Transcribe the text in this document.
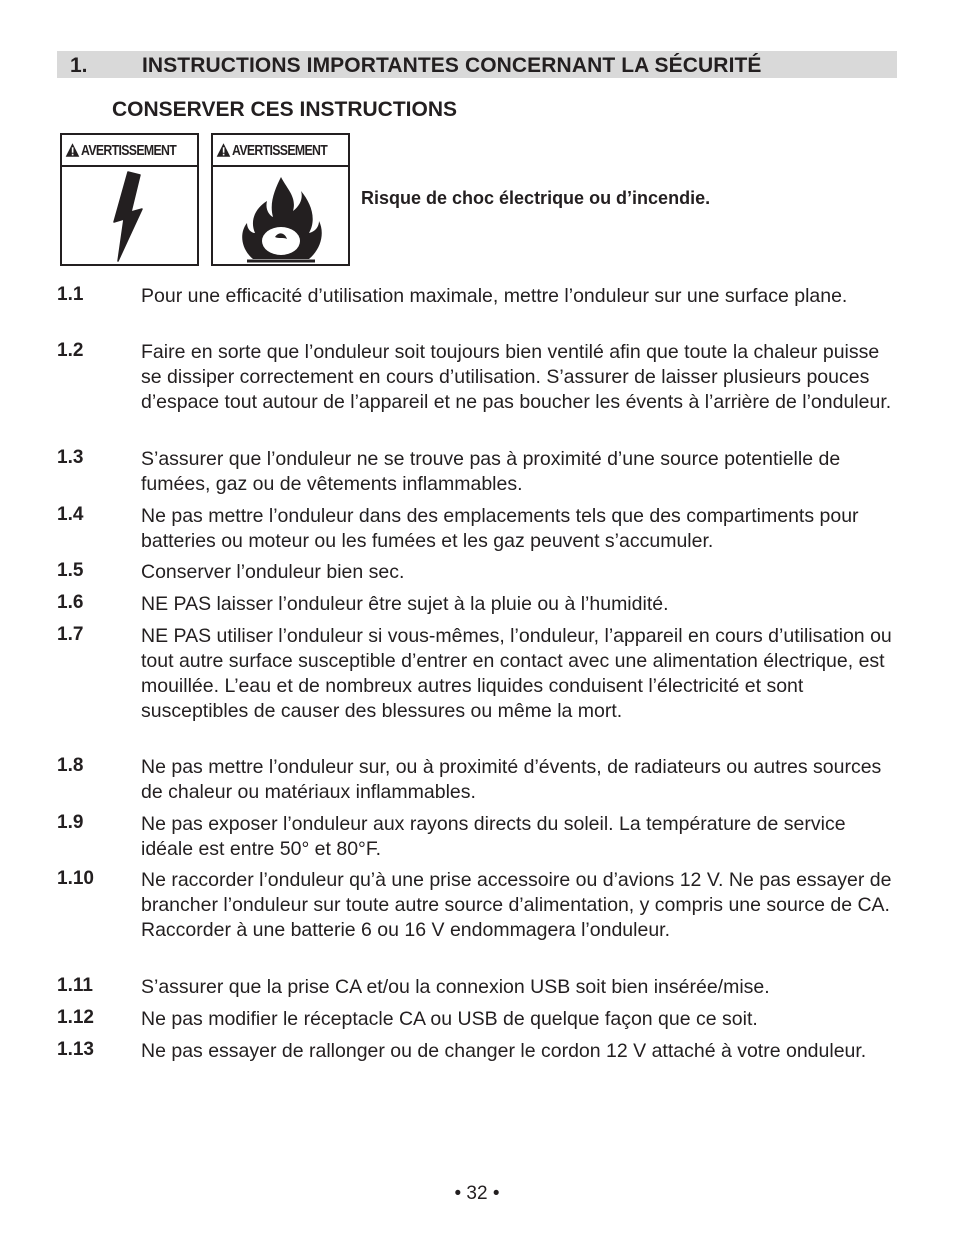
1.	INSTRUCTIONS IMPORTANTES CONCERNANT LA SÉCURITÉ
CONSERVER CES INSTRUCTIONS
AVERTISSEMENT	AVERTISSEMENT
Risque de choc électrique ou d’incendie.
1.1	Pour une efficacité d’utilisation maximale, mettre l’onduleur sur une surface plane.
1.2	Faire en sorte que l’onduleur soit toujours bien ventilé afin que toute la chaleur puisse se dissiper correctement en cours d’utilisation. S’assurer de laisser plusieurs pouces d’espace tout autour de l’appareil et ne pas boucher les évents à l’arrière de l’onduleur.
1.3	S’assurer que l’onduleur ne se trouve pas à proximité d’une source potentielle de fumées, gaz ou de vêtements inflammables.
1.4	Ne pas mettre l’onduleur dans des emplacements tels que des compartiments pour batteries ou moteur ou les fumées et les gaz peuvent s’accumuler.
1.5	Conserver l’onduleur bien sec.
1.6	NE PAS laisser l’onduleur être sujet à la pluie ou à l’humidité.
1.7	NE PAS utiliser l’onduleur si vous-mêmes, l’onduleur, l’appareil en cours d’utilisation ou tout autre surface susceptible d’entrer en contact avec une alimentation électrique, est mouillée. L’eau et de nombreux autres liquides conduisent l’électricité et sont susceptibles de causer des blessures ou même la mort.
1.8	Ne pas mettre l’onduleur sur, ou à proximité d’évents, de radiateurs ou autres sources de chaleur ou matériaux inflammables.
1.9	Ne pas exposer l’onduleur aux rayons directs du soleil. La température de service idéale est entre 50° et 80°F.
1.10 Ne raccorder l’onduleur qu’à une prise accessoire ou d’avions 12 V. Ne pas essayer de brancher l’onduleur sur toute autre source d’alimentation, y compris une source de CA. Raccorder à une batterie 6 ou 16 V endommagera l’onduleur.
1.11 S’assurer que la prise CA et/ou la connexion USB soit bien insérée/mise.
1.12 Ne pas modifier le réceptacle CA ou USB de quelque façon que ce soit.
1.13 Ne pas essayer de rallonger ou de changer le cordon 12 V attaché à votre onduleur.
• 32 •
